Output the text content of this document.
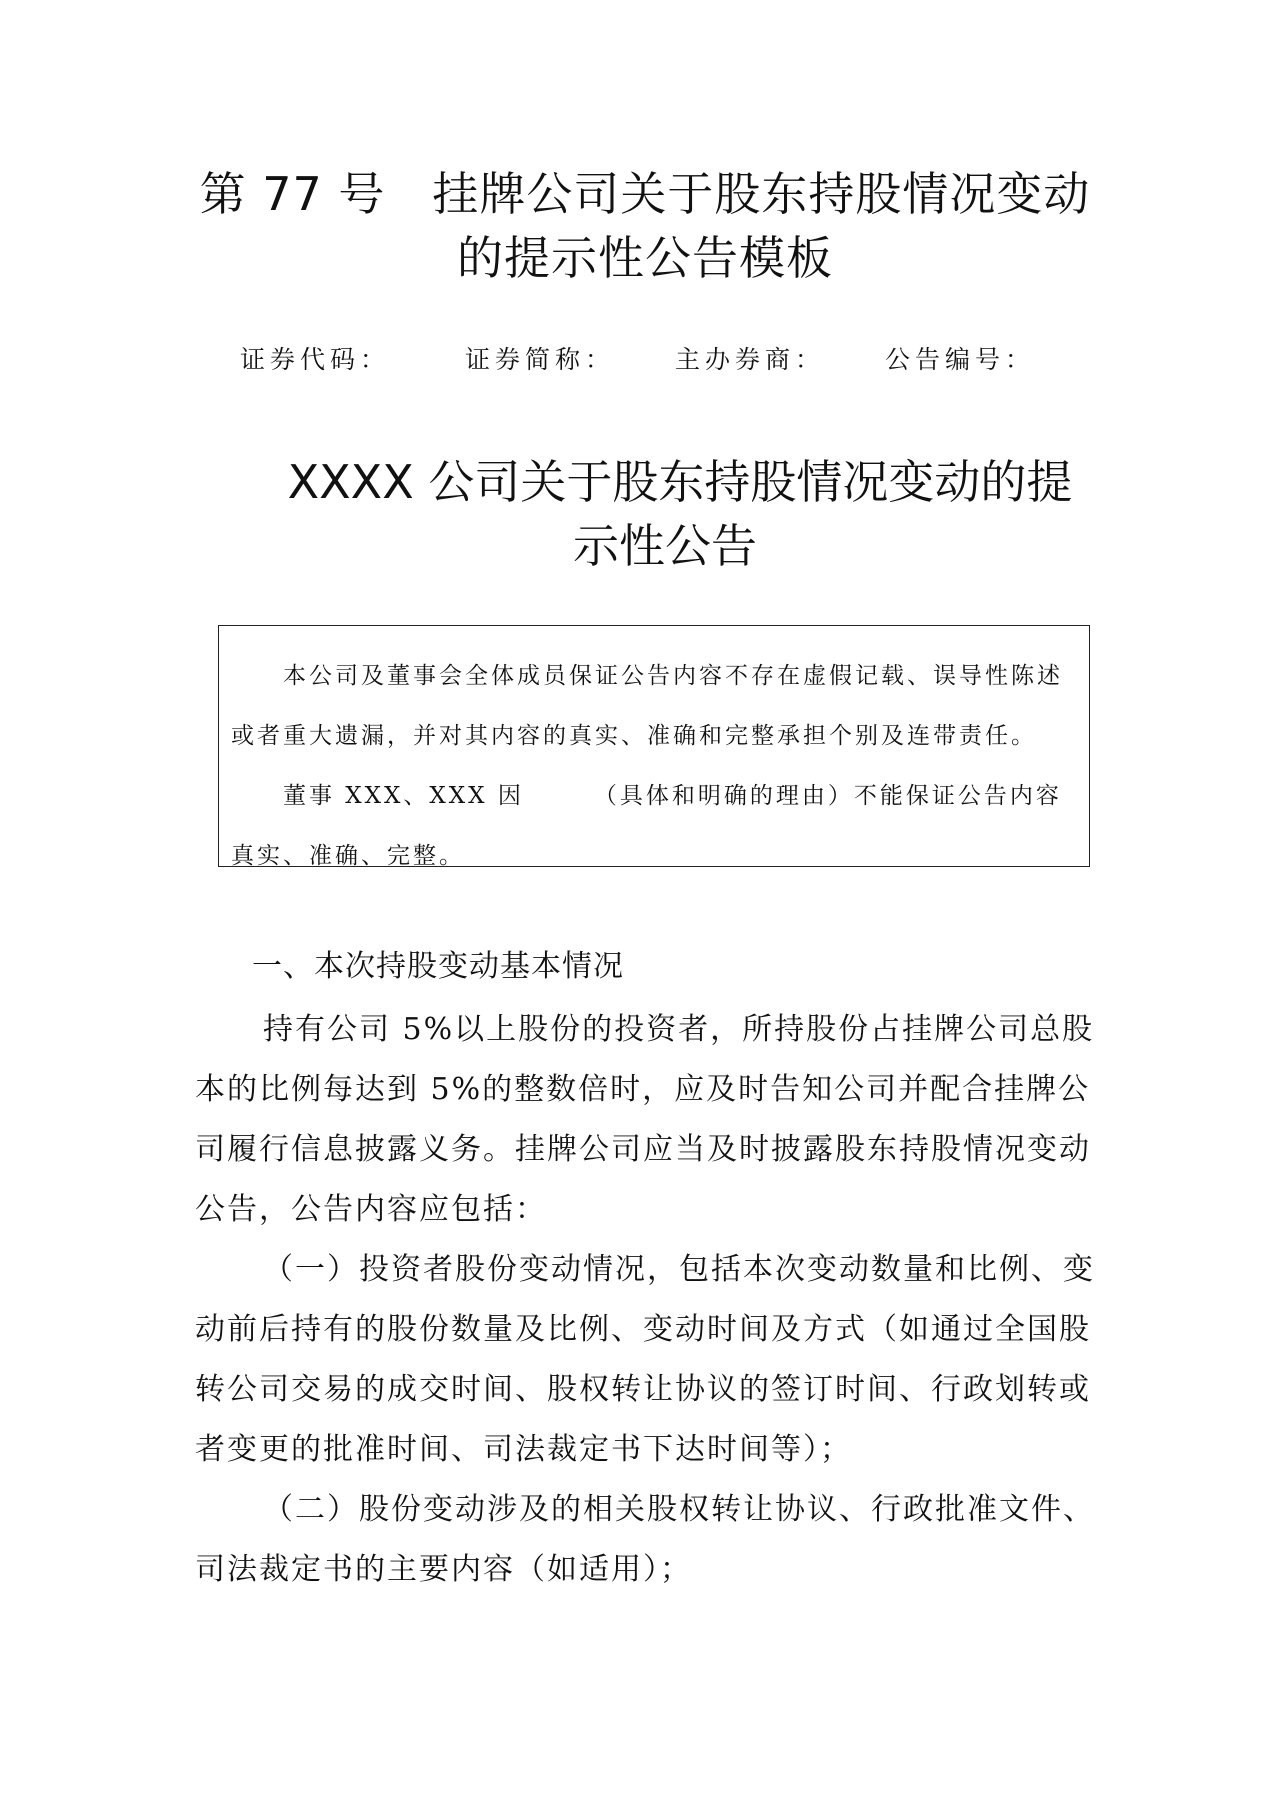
第 77 号　挂牌公司关于股东持股情况变动
的提示性公告模板
证券代码：	证券简称： 主办券商： 公告编号：
XXXX 公司关于股东持股情况变动的提
示性公告

本公司及董事会全体成员保证公告内容不存在虚假记载、误导性陈述或者重大遗漏，并对其内容的真实、准确和完整承担个别及连带责任。

董事 XXX、XXX 因	（具体和明确的理由）不能保证公告内容真实、准确、完整。

一、本次持股变动基本情况

持有公司 5%以上股份的投资者，所持股份占挂牌公司总股本的比例每达到 5%的整数倍时，应及时告知公司并配合挂牌公司履行信息披露义务。挂牌公司应当及时披露股东持股情况变动公告，公告内容应包括：

（一）投资者股份变动情况，包括本次变动数量和比例、变动前后持有的股份数量及比例、变动时间及方式（如通过全国股转公司交易的成交时间、股权转让协议的签订时间、行政划转或者变更的批准时间、司法裁定书下达时间等）；

（二）股份变动涉及的相关股权转让协议、行政批准文件、司法裁定书的主要内容（如适用）；
